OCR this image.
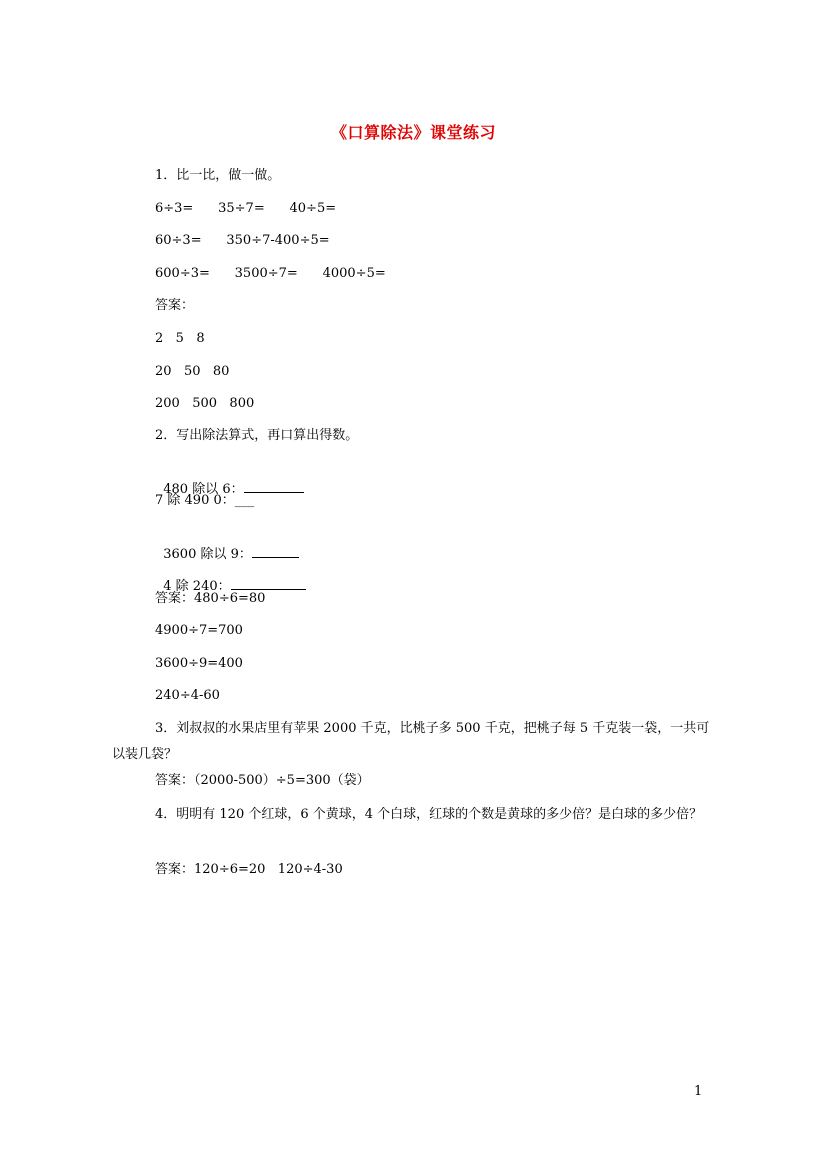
《口算除法》课堂练习
1．比一比，做一做。
6÷3=      35÷7=      40÷5=
60÷3=      350÷7-400÷5=
600÷3=      3500÷7=      4000÷5=
答案：
2   5   8
20   50   80
200   500   800
2．写出除法算式，再口算出得数。

480 除以 6：

7 除 490 0：___

3600 除以 9：

4 除 240：

答案：480÷6=80
4900÷7=700
3600÷9=400
240÷4-60
3．刘叔叔的水果店里有苹果 2000 千克，比桃子多 500 千克，把桃子每 5 千克装一袋，一共可以装几袋？
答案：（2000-500）÷5=300（袋）
4．明明有 120 个红球，6 个黄球，4 个白球，红球的个数是黄球的多少倍？是白球的多少倍？
答案：120÷6=20   120÷4-30
1
